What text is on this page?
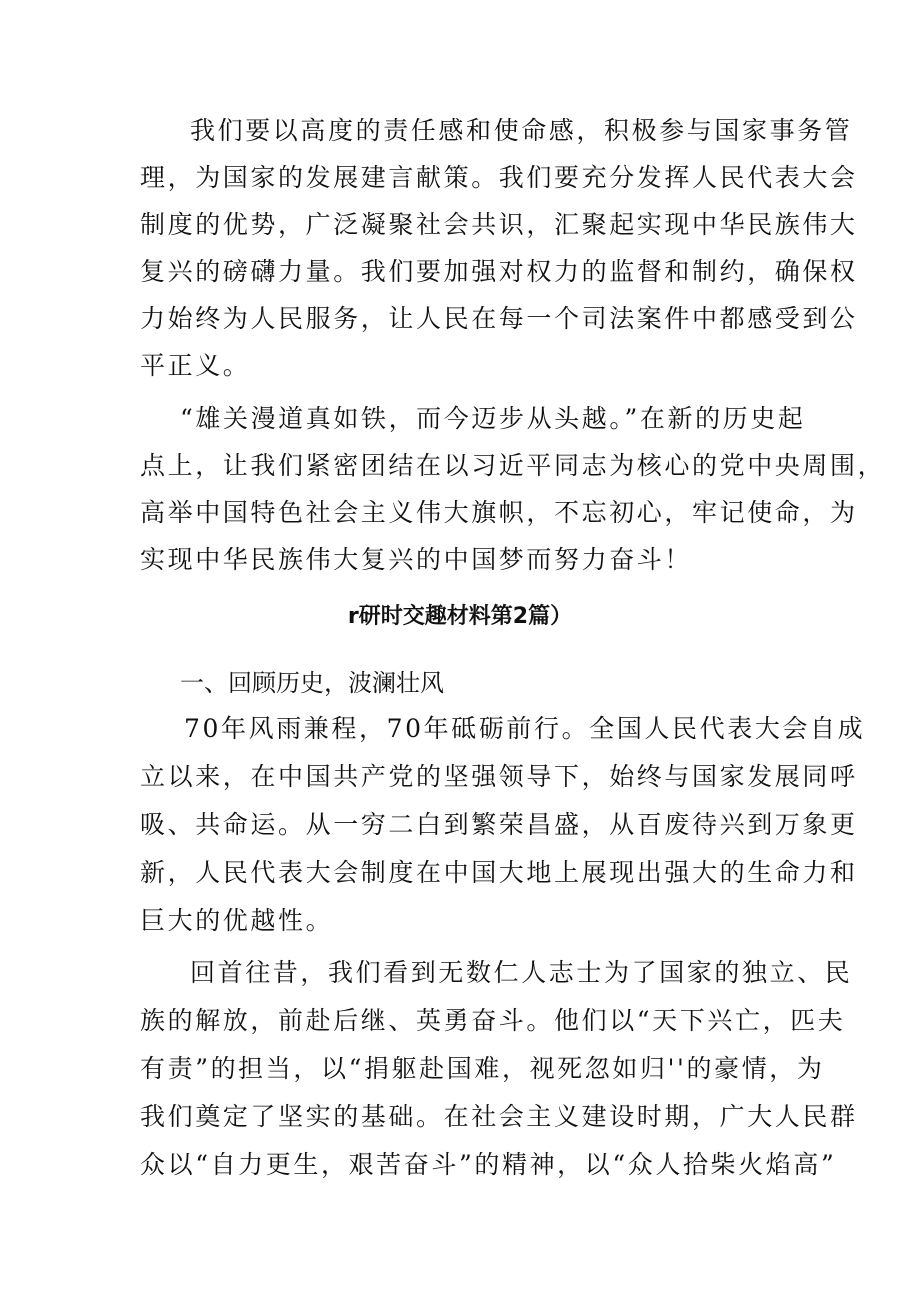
我们要以高度的责任感和使命感，积极参与国家事务管
理，为国家的发展建言献策。我们要充分发挥人民代表大会
制度的优势，广泛凝聚社会共识，汇聚起实现中华民族伟大
复兴的磅礴力量。我们要加强对权力的监督和制约，确保权
力始终为人民服务，让人民在每一个司法案件中都感受到公
平正义。
“雄关漫道真如铁，而今迈步从头越。”在新的历史起
点上，让我们紧密团结在以习近平同志为核心的党中央周围，
高举中国特色社会主义伟大旗帜，不忘初心，牢记使命，为
实现中华民族伟大复兴的中国梦而努力奋斗！
r研时交趣材料第2篇）
一、回顾历史，波澜壮风
70年风雨兼程，70年砥砺前行。全国人民代表大会自成
立以来，在中国共产党的坚强领导下，始终与国家发展同呼
吸、共命运。从一穷二白到繁荣昌盛，从百废待兴到万象更
新，人民代表大会制度在中国大地上展现出强大的生命力和
巨大的优越性。
回首往昔，我们看到无数仁人志士为了国家的独立、民
族的解放，前赴后继、英勇奋斗。他们以“天下兴亡，匹夫
有责”的担当，以“捐躯赴国难，视死忽如归''的豪情，为
我们奠定了坚实的基础。在社会主义建设时期，广大人民群
众以“自力更生，艰苦奋斗”的精神，以“众人拾柴火焰高”
